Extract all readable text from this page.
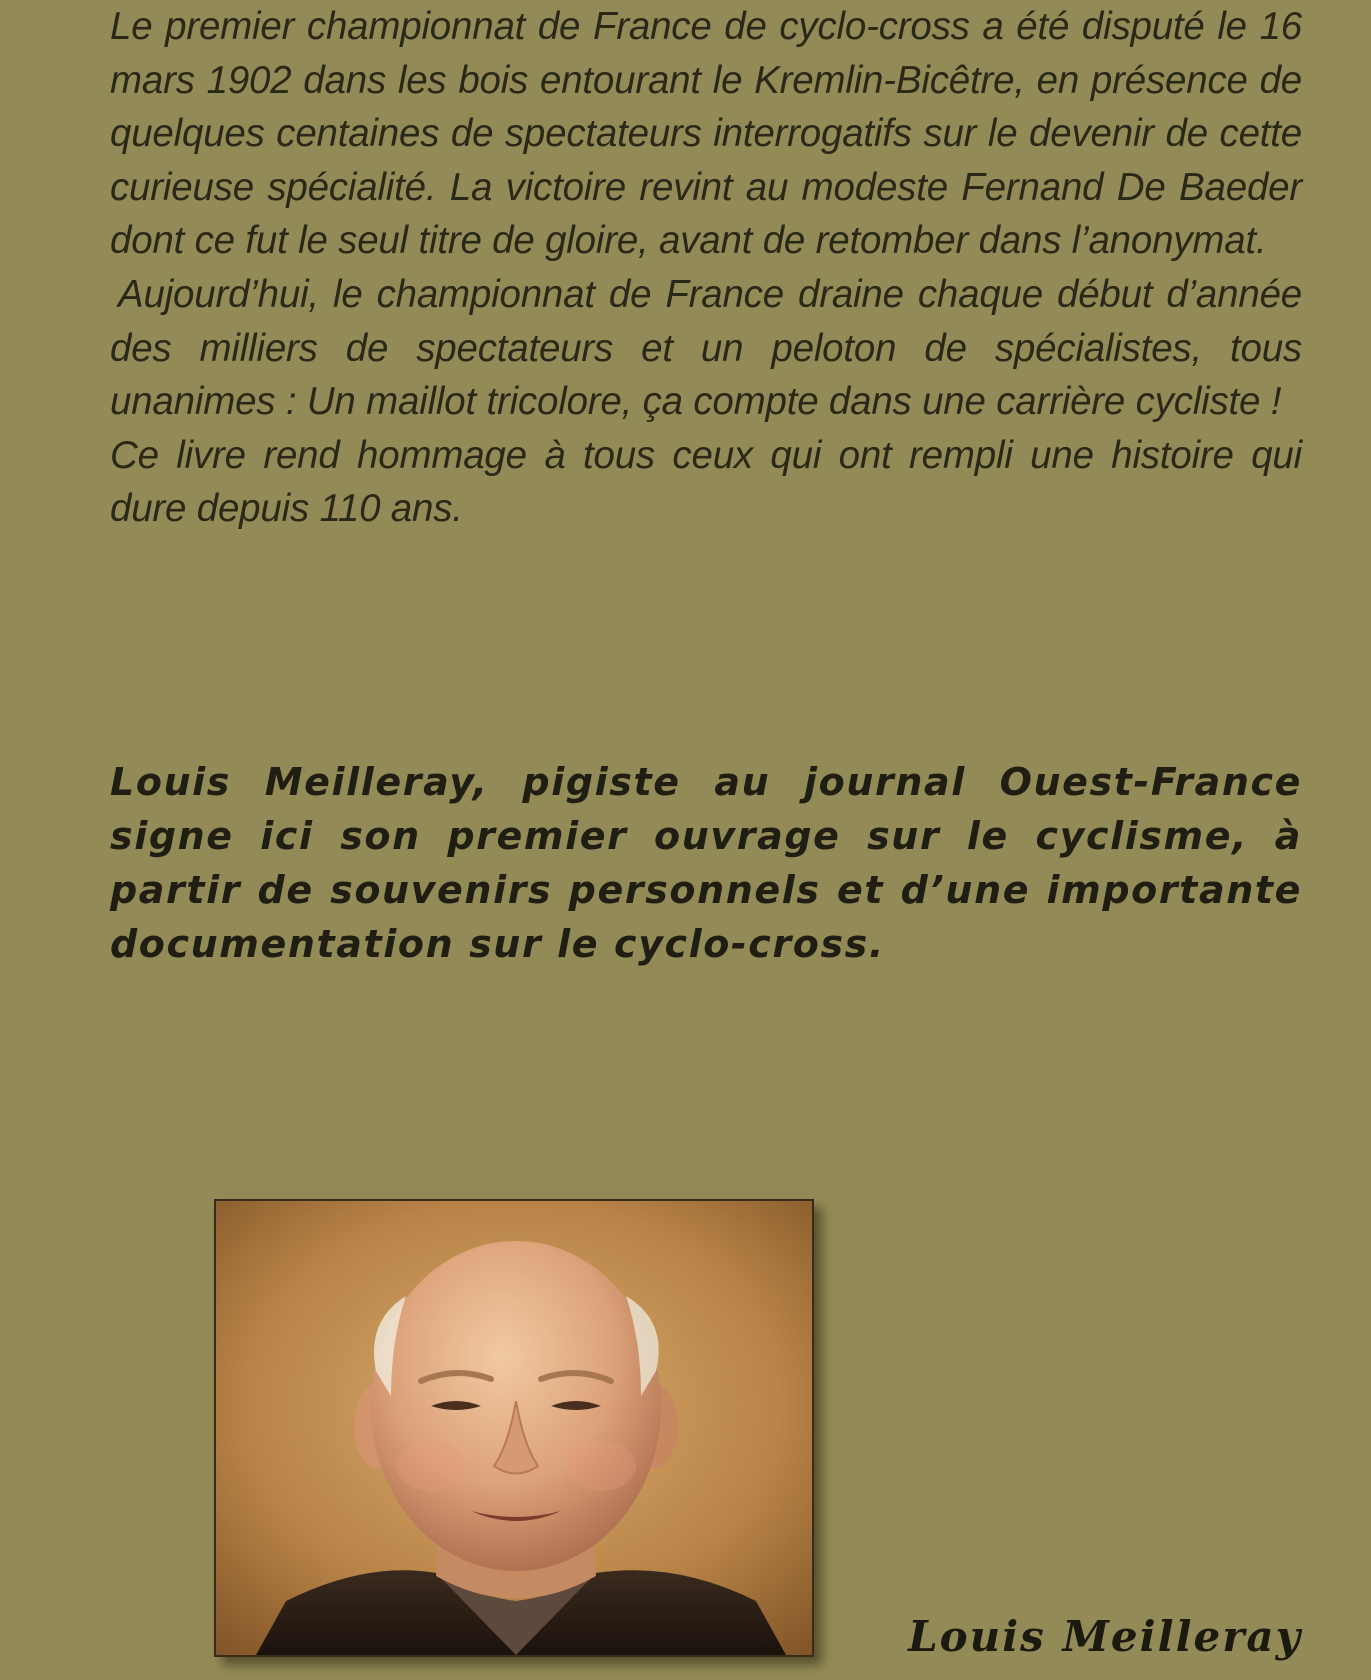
Le premier championnat de France de cyclo-cross a été disputé le 16 mars 1902 dans les bois entourant le Kremlin-Bicêtre, en présence de quelques centaines de spectateurs interrogatifs sur le devenir de cette curieuse spécialité. La victoire revint au modeste Fernand De Baeder dont ce fut le seul titre de gloire, avant de retomber dans l’anonymat.

Aujourd’hui, le championnat de France draine chaque début d’année des milliers de spectateurs et un peloton de spécialistes, tous unanimes : Un maillot tricolore, ça compte dans une carrière cycliste !

Ce livre rend hommage à tous ceux qui ont rempli une histoire qui dure depuis 110 ans.

Louis Meilleray, pigiste au journal Ouest-France signe ici son premier ouvrage sur le cyclisme, à partir de souvenirs personnels et d’une importante documentation sur le cyclo-cross.
Louis Meilleray
